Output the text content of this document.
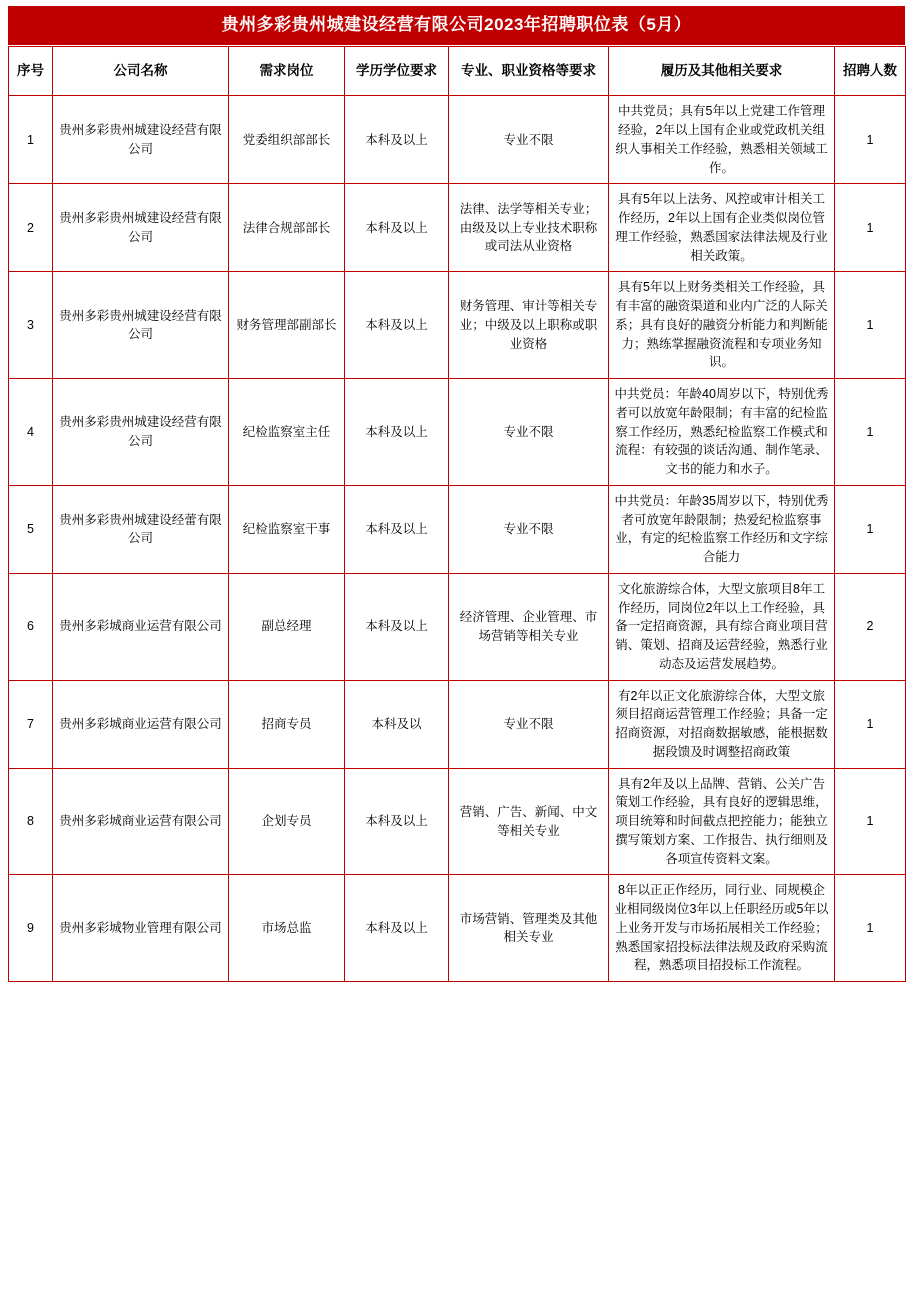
贵州多彩贵州城建设经营有限公司2023年招聘职位表（5月）
序号	公司名称	需求岗位	学历学位要求	专业、职业资格等要求	履历及其他相关要求	招聘人数
1	贵州多彩贵州城建设经营有限公司	党委组织部部长	本科及以上	专业不限	中共党员；具有5年以上党建工作管理经验，2年以上国有企业或党政机关组织人事相关工作经验，熟悉相关领域工作。	1
2	贵州多彩贵州城建设经营有限公司	法律合规部部长	本科及以上	法律、法学等相关专业；由级及以上专业技术职称或司法从业资格	具有5年以上法务、风控或审计相关工作经历，2年以上国有企业类似岗位管理工作经验，熟悉国家法律法规及行业相关政策。	1
3	贵州多彩贵州城建设经营有限公司	财务管理部副部长	本科及以上	财务管理、审计等相关专业；中级及以上职称或职业资格	具有5年以上财务类相关工作经验，具有丰富的融资渠道和业内广泛的人际关系；具有良好的融资分析能力和判断能力；熟练掌握融资流程和专项业务知识。	1
4	贵州多彩贵州城建设经营有限公司	纪检监察室主任	本科及以上	专业不限	中共党员：年龄40周岁以下，特别优秀者可以放宽年龄限制；有丰富的纪检监察工作经历，熟悉纪检监察工作模式和流程：有较强的谈话沟通、制作笔录、文书的能力和水子。	1
5	贵州多彩贵州城建设经蕾有限公司	纪检监察室干事	本科及以上	专业不限	中共党员：年龄35周岁以下，特别优秀者可放宽年龄限制；热爱纪检监察事业，有定的纪检监察工作经历和文字综合能力	1
6	贵州多彩城商业运营有限公司	副总经理	本科及以上	经济管理、企业管理、市场营销等相关专业	文化旅游综合体，大型文旅项目8年工作经历，同岗位2年以上工作经验，具备一定招商资源，具有综合商业项目营销、策划、招商及运营经验，熟悉行业动态及运营发展趋势。	2
7	贵州多彩城商业运营有限公司	招商专员	本科及以	专业不限	有2年以正文化旅游综合体，大型文旅须目招商运营管理工作经验；具备一定招商资源，对招商数据敏感，能根据数据段馈及时调整招商政策	1
8	贵州多彩城商业运营有限公司	企划专员	本科及以上	营销、广告、新闻、中文等相关专业	具有2年及以上品牌、营销、公关广告策划工作经验，具有良好的逻辑思维，项目统筹和时间截点把控能力；能独立撰写策划方案、工作报告、执行细则及各项宣传资料文案。	1
9	贵州多彩城物业管理有限公司	市场总监	本科及以上	市场营销、管理类及其他相关专业	8年以正正作经历，同行业、同规模企业相同级岗位3年以上任职经历或5年以上业务开发与市场拓展相关工作经验；熟悉国家招投标法律法规及政府采购流程，熟悉项目招投标工作流程。	1
